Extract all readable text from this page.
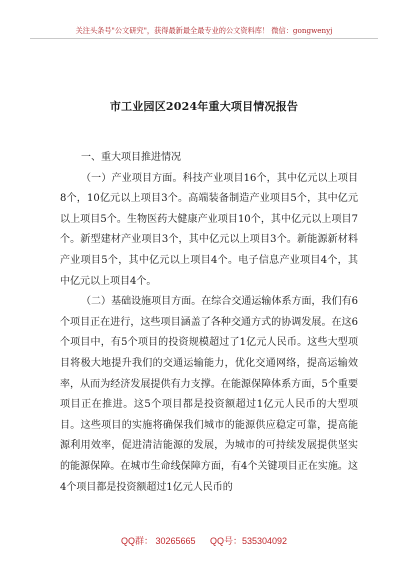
关注头条号"公文研究"，获得最新最全最专业的公文资料库！ 微信：gongwenyj
市工业园区2024年重大项目情况报告

一、重大项目推进情况

（一）产业项目方面。科技产业项目16个，其中亿元以上项目8个，10亿元以上项目3个。高端装备制造产业项目5个，其中亿元以上项目5个。生物医药大健康产业项目10个，其中亿元以上项目7个。新型建材产业项目3个，其中亿元以上项目3个。新能源新材料产业项目5个，其中亿元以上项目4个。电子信息产业项目4个，其中亿元以上项目4个。

（二）基础设施项目方面。在综合交通运输体系方面，我们有6个项目正在进行，这些项目涵盖了各种交通方式的协调发展。在这6个项目中，有5个项目的投资规模超过了1亿元人民币。这些大型项目将极大地提升我们的交通运输能力，优化交通网络，提高运输效率，从而为经济发展提供有力支撑。在能源保障体系方面，5个重要项目正在推进。这5个项目都是投资额超过1亿元人民币的大型项目。这些项目的实施将确保我们城市的能源供应稳定可靠，提高能源利用效率，促进清洁能源的发展，为城市的可持续发展提供坚实的能源保障。在城市生命线保障方面，有4个关键项目正在实施。这4个项目都是投资额超过1亿元人民币的

QQ群： 30265665 QQ号：535304092
